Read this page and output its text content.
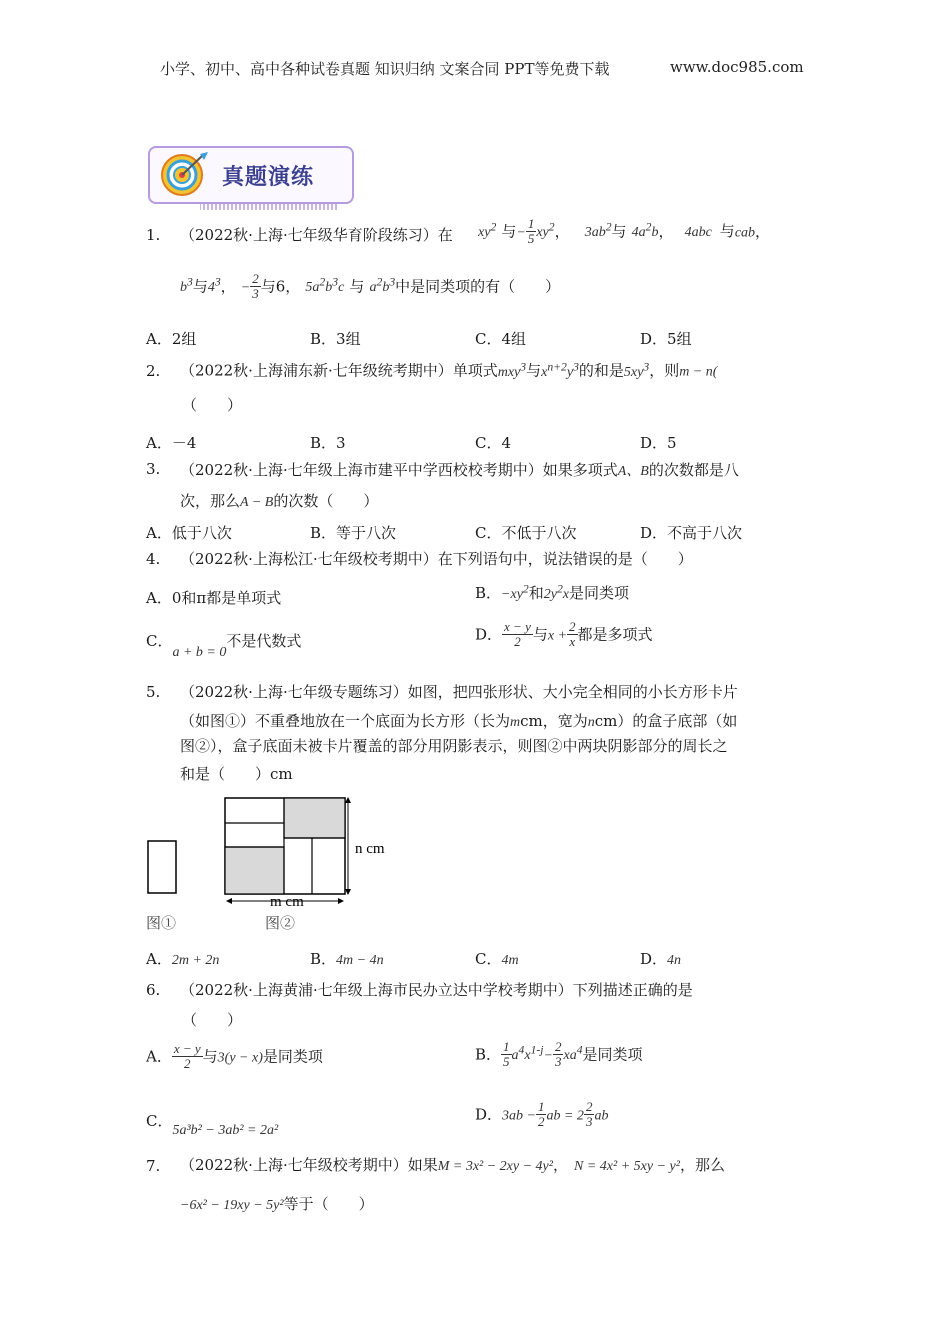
小学、初中、高中各种试卷真题 知识归纳 文案合同 PPT等免费下载	www.doc985.com
真题演练
1. （2022秋·上海·七年级华育阶段练习）在 $xy^2$ 与− $\frac{1}{5} xy^2$， $3ab^2$与 $4a^2b$， 4abc 与cab，
$b^3$与$4^3$， − $\frac{2}{3}$ 与6， $5a^2b^3c$ 与 $a^2b^3$中是同类项的有（　　）
A．2组	B．3组	C．4组	D．5组
2. （2022秋·上海浦东新·七年级统考期中）单项式mxy$^3$与$x^{n+2}y^3$的和是$5xy^3$，则m − n(
（　　）
A．－4	B．3	C．4	D．5
3. （2022秋·上海·七年级上海市建平中学西校校考期中）如果多项式A、B的次数都是八
次，那么A − B的次数（　　）
A．低于八次	B．等于八次	C．不低于八次	D．不高于八次
4. （2022秋·上海松江·七年级校考期中）在下列语句中，说法错误的是（　　）
A．0和π都是单项式	B．$-xy^2$和$2y^2x$是同类项
C．a + b = 0不是代数式	D． $\frac{x - y}{2}$ 与$x + \frac{2}{x}$ 都是多项式
5. （2022秋·上海·七年级专题练习）如图，把四张形状、大小完全相同的小长方形卡片
（如图①）不重叠地放在一个底面为长方形（长为mcm，宽为ncm）的盒子底部（如
图②），盒子底面未被卡片覆盖的部分用阴影表示，则图②中两块阴影部分的周长之
和是（　　）cm
n cm
m cm
图①	图②
A．2m + 2n	B．4m − 4n	C．4m	D．4n
6. （2022秋·上海黄浦·七年级上海市民办立达中学校考期中）下列描述正确的是
（　　）
A． $\frac{x - y}{2}$ 与3(y − x)是同类项	B． $\frac{1}{5} a^4x^{1-j}- \frac{2}{3} xa^4$是同类项
C．5a³b² − 3ab² = 2a²
D．$3ab - \frac{1}{2}$ ab = $2 \frac{2}{3}$ ab
7. （2022秋·上海·七年级校考期中）如果M = 3x² − 2xy − 4y²， N = 4x² + 5xy − y²，那么
−6x² − 19xy − 5y²等于（　　）
